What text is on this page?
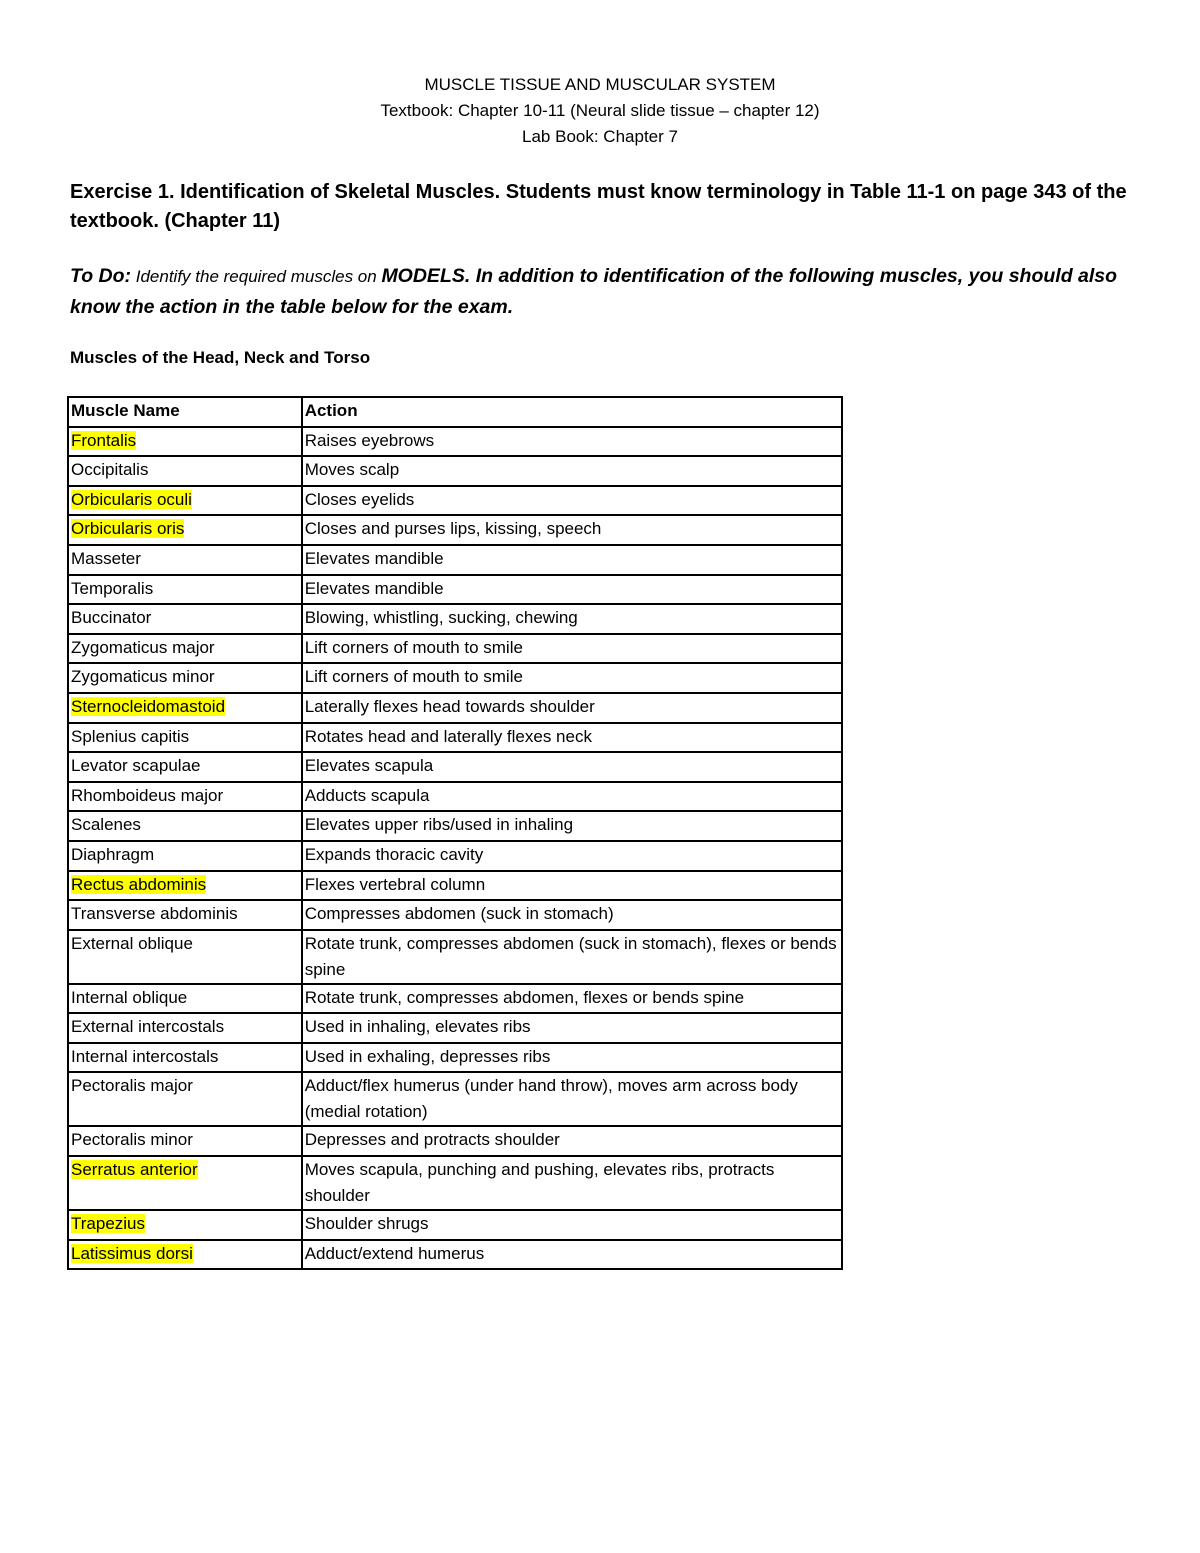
MUSCLE TISSUE AND MUSCULAR SYSTEM
Textbook: Chapter 10-11 (Neural slide tissue – chapter 12)
Lab Book: Chapter 7
Exercise 1. Identification of Skeletal Muscles. Students must know terminology in Table 11-1 on page 343 of the textbook. (Chapter 11)
To Do: Identify the required muscles on MODELS. In addition to identification of the following muscles, you should also know the action in the table below for the exam.
Muscles of the Head, Neck and Torso
Muscle Name	Action
Frontalis	Raises eyebrows
Occipitalis	Moves scalp
Orbicularis oculi	Closes eyelids
Orbicularis oris	Closes and purses lips, kissing, speech
Masseter	Elevates mandible
Temporalis	Elevates mandible
Buccinator	Blowing, whistling, sucking, chewing
Zygomaticus major	Lift corners of mouth to smile
Zygomaticus minor	Lift corners of mouth to smile
Sternocleidomastoid	Laterally flexes head towards shoulder
Splenius capitis	Rotates head and laterally flexes neck
Levator scapulae	Elevates scapula
Rhomboideus major	Adducts scapula
Scalenes	Elevates upper ribs/used in inhaling
Diaphragm	Expands thoracic cavity
Rectus abdominis	Flexes vertebral column
Transverse abdominis	Compresses abdomen (suck in stomach)
External oblique	Rotate trunk, compresses abdomen (suck in stomach), flexes or bends spine
Internal oblique	Rotate trunk, compresses abdomen, flexes or bends spine
External intercostals	Used in inhaling, elevates ribs
Internal intercostals	Used in exhaling, depresses ribs
Pectoralis major	Adduct/flex humerus (under hand throw), moves arm across body (medial rotation)
Pectoralis minor	Depresses and protracts shoulder
Serratus anterior	Moves scapula, punching and pushing, elevates ribs, protracts shoulder
Trapezius	Shoulder shrugs
Latissimus dorsi	Adduct/extend humerus
